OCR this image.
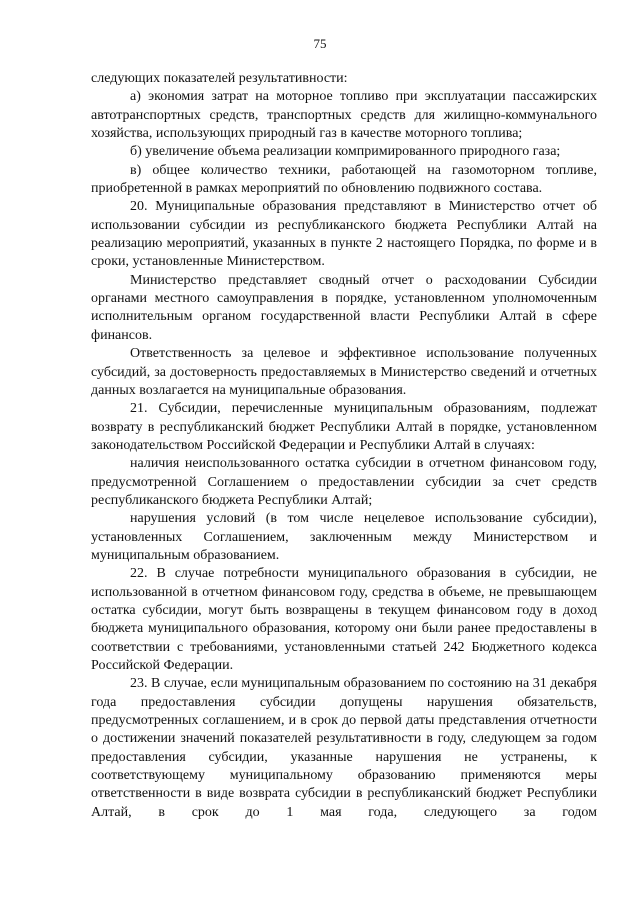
75

следующих показателей результативности:

а) экономия затрат на моторное топливо при эксплуатации пассажирских автотранспортных средств, транспортных средств для жилищно-коммунального хозяйства, использующих природный газ в качестве моторного топлива;

б) увеличение объема реализации компримированного природного газа;

в) общее количество техники, работающей на газомоторном топливе, приобретенной в рамках мероприятий по обновлению подвижного состава.

20. Муниципальные образования представляют в Министерство отчет об использовании субсидии из республиканского бюджета Республики Алтай на реализацию мероприятий, указанных в пункте 2 настоящего Порядка, по форме и в сроки, установленные Министерством.

Министерство представляет сводный отчет о расходовании Субсидии органами местного самоуправления в порядке, установленном уполномоченным исполнительным органом государственной власти Республики Алтай в сфере финансов.

Ответственность за целевое и эффективное использование полученных субсидий, за достоверность предоставляемых в Министерство сведений и отчетных данных возлагается на муниципальные образования.

21. Субсидии, перечисленные муниципальным образованиям, подлежат возврату в республиканский бюджет Республики Алтай в порядке, установленном законодательством Российской Федерации и Республики Алтай в случаях:

наличия неиспользованного остатка субсидии в отчетном финансовом году, предусмотренной Соглашением о предоставлении субсидии за счет средств республиканского бюджета Республики Алтай;

нарушения условий (в том числе нецелевое использование субсидии), установленных Соглашением, заключенным между Министерством и муниципальным образованием.

22. В случае потребности муниципального образования в субсидии, не использованной в отчетном финансовом году, средства в объеме, не превышающем остатка субсидии, могут быть возвращены в текущем финансовом году в доход бюджета муниципального образования, которому они были ранее предоставлены в соответствии с требованиями, установленными статьей 242 Бюджетного кодекса Российской Федерации.

23. В случае, если муниципальным образованием по состоянию на 31 декабря года предоставления субсидии допущены нарушения обязательств, предусмотренных соглашением, и в срок до первой даты представления отчетности о достижении значений показателей результативности в году, следующем за годом предоставления субсидии, указанные нарушения не устранены, к соответствующему муниципальному образованию применяются меры ответственности в виде возврата субсидии в республиканский бюджет Республики Алтай, в срок до 1 мая года, следующего за годом
